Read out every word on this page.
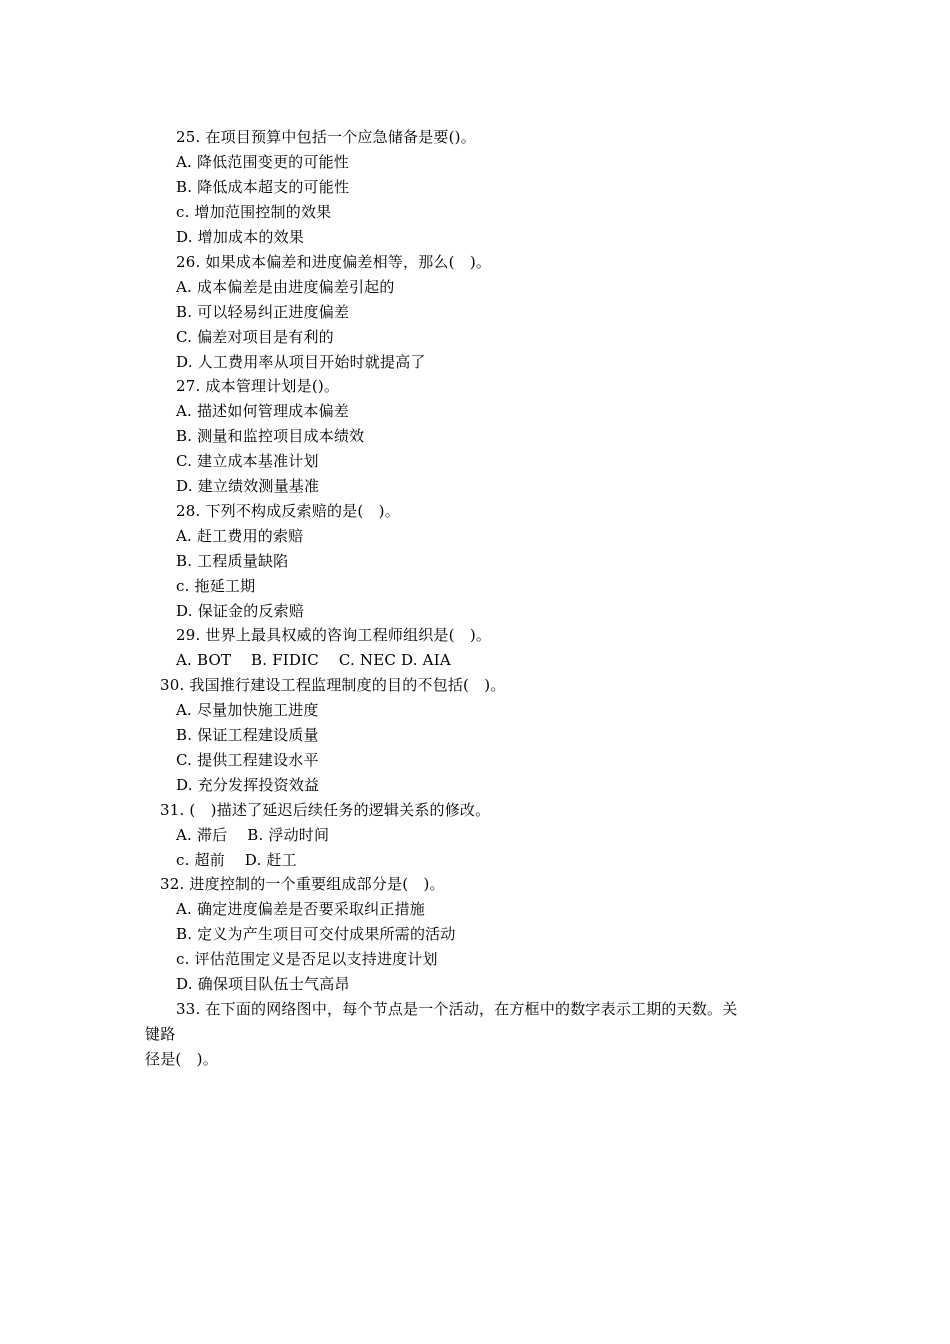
25. 在项目预算中包括一个应急储备是要()。
A. 降低范围变更的可能性
B. 降低成本超支的可能性
c. 增加范围控制的效果
D. 增加成本的效果
26. 如果成本偏差和进度偏差相等，那么(　)。
A. 成本偏差是由进度偏差引起的
B. 可以轻易纠正进度偏差
C. 偏差对项目是有利的
D. 人工费用率从项目开始时就提高了
27. 成本管理计划是()。
A. 描述如何管理成本偏差
B. 测量和监控项目成本绩效
C. 建立成本基准计划
D. 建立绩效测量基准
28. 下列不构成反索赔的是(　)。
A. 赶工费用的索赔
B. 工程质量缺陷
c. 拖延工期
D. 保证金的反索赔
29. 世界上最具权威的咨询工程师组织是(　)。
A. BOT    B. FIDIC    C. NEC D. AIA
30. 我国推行建设工程监理制度的目的不包括(　)。
A. 尽量加快施工进度
B. 保证工程建设质量
C. 提供工程建设水平
D. 充分发挥投资效益
31. (　)描述了延迟后续任务的逻辑关系的修改。
A. 滞后    B. 浮动时间
c. 超前    D. 赶工
32. 进度控制的一个重要组成部分是(　)。
A. 确定进度偏差是否要采取纠正措施
B. 定义为产生项目可交付成果所需的活动
c. 评估范围定义是否足以支持进度计划
D. 确保项目队伍士气高昂
33. 在下面的网络图中，每个节点是一个活动，在方框中的数字表示工期的天数。关
键路
径是(　)。
